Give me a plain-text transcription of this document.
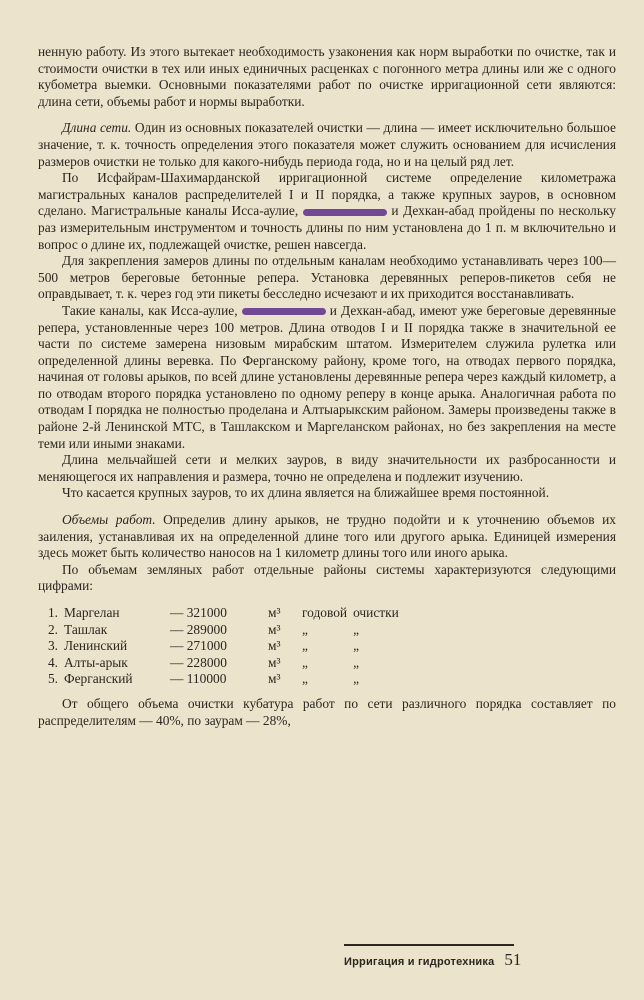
ненную работу. Из этого вытекает необходимость узаконения как норм выработки по очистке, так и стоимости очистки в тех или иных единичных расценках с погонного метра длины или же с одного кубометра выемки. Основными показателями работ по очистке ирригационной сети являются: длина сети, объемы работ и нормы выработки.

Длина сети. Один из основных показателей очистки — длина — имеет исключительно большое значение, т. к. точность определения этого показателя может служить основанием для исчисления размеров очистки не только для какого-нибудь периода года, но и на целый ряд лет.

По Исфайрам-Шахимарданской ирригационной системе определение километража магистральных каналов распределителей I и II порядка, а также крупных зауров, в основном сделано. Магистральные каналы Исса-аулие,	и Дехкан-абад пройдены по нескольку раз измерительным инструментом и точность длины по ним установлена до 1 п. м включительно и вопрос о длине их, подлежащей очистке, решен навсегда.

Для закрепления замеров длины по отдельным каналам необходимо устанавливать через 100—500 метров береговые бетонные репера. Установка деревянных реперов-пикетов себя не оправдывает, т. к. через год эти пикеты бесследно исчезают и их приходится восстанавливать.

Такие каналы, как Исса-аулие,	и Дехкан-абад, имеют уже береговые деревянные репера, установленные через 100 метров. Длина отводов I и II порядка также в значительной ее части по системе замерена низовым мирабским штатом. Измерителем служила рулетка или определенной длины веревка. По Ферганскому району, кроме того, на отводах первого порядка, начиная от головы арыков, по всей длине установлены деревянные репера через каждый километр, а по отводам второго порядка установлено по одному реперу в конце арыка. Аналогичная работа по отводам I порядка не полностью проделана и Алтыарыкским районом. Замеры произведены также в районе 2-й Ленинской МТС, в Ташлакском и Маргеланском районах, но без закрепления на месте теми или иными знаками.

Длина мельчайшей сети и мелких зауров, в виду значительности их разбросанности и меняющегося их направления и размера, точно не определена и подлежит изучению.

Что касается крупных зауров, то их длина является на ближайшее время постоянной.

Объемы работ. Определив длину арыков, не трудно подойти и к уточнению объемов их заиления, устанавливая их на определенной длине того или другого арыка. Единицей измерения здесь может быть количество наносов на 1 километр длины того или иного арыка.

По объемам земляных работ отдельные районы системы характеризуются следующими цифрами:

1.	Маргелан	— 321000	м³	годовой	очистки
2.	Ташлак	— 289000	м³	„	„
3.	Ленинский	— 271000	м³	„	„
4.	Алты-арык	— 228000	м³	„	„
5.	Ферганский	— 110000	м³	„	„

От общего объема очистки кубатура работ по сети различного порядка составляет по распределителям — 40%, по заурам — 28%,

Ирригация и гидротехника 51
